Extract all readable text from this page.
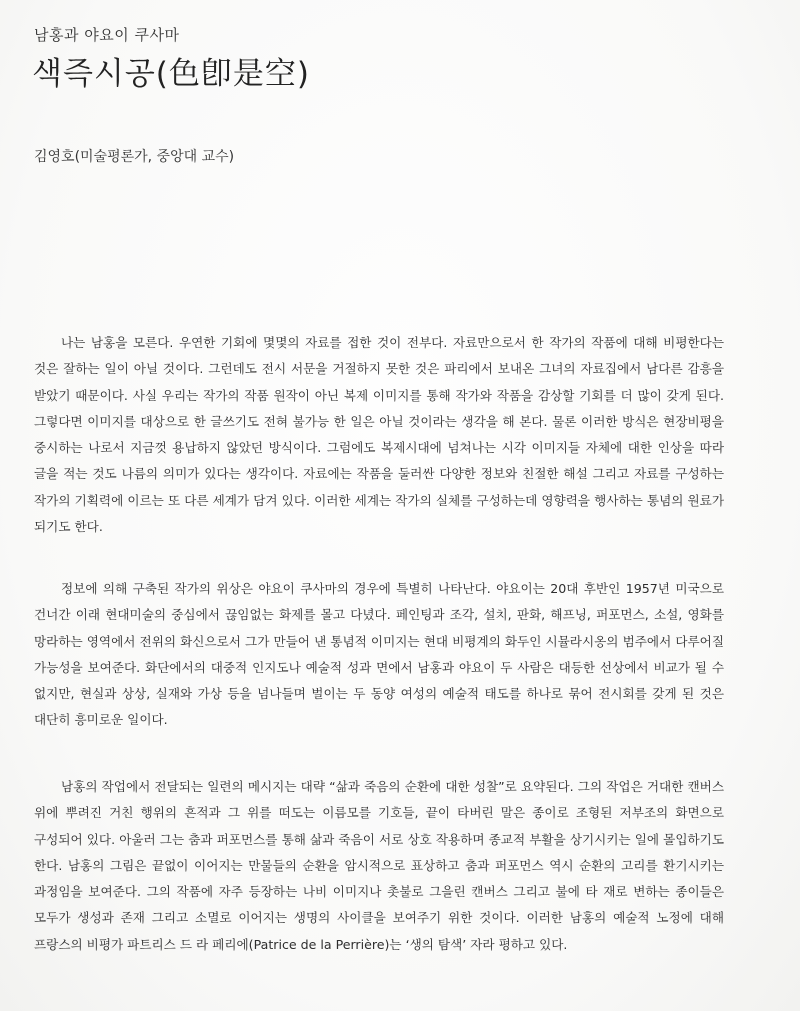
남홍과 야요이 쿠사마
색즉시공(色卽是空)
김영호(미술평론가, 중앙대 교수)

나는 남홍을 모른다. 우연한 기회에 몇몇의 자료를 접한 것이 전부다. 자료만으로서 한 작가의 작품에 대해 비평한다는 것은 잘하는 일이 아닐 것이다. 그런데도 전시 서문을 거절하지 못한 것은 파리에서 보내온 그녀의 자료집에서 남다른 감흥을 받았기 때문이다. 사실 우리는 작가의 작품 원작이 아닌 복제 이미지를 통해 작가와 작품을 감상할 기회를 더 많이 갖게 된다. 그렇다면 이미지를 대상으로 한 글쓰기도 전혀 불가능 한 일은 아닐 것이라는 생각을 해 본다. 물론 이러한 방식은 현장비평을 중시하는 나로서 지금껏 용납하지 않았던 방식이다. 그럼에도 복제시대에 넘쳐나는 시각 이미지들 자체에 대한 인상을 따라 글을 적는 것도 나름의 의미가 있다는 생각이다. 자료에는 작품을 둘러싼 다양한 정보와 친절한 해설 그리고 자료를 구성하는 작가의 기획력에 이르는 또 다른 세계가 담겨 있다. 이러한 세계는 작가의 실체를 구성하는데 영향력을 행사하는 통념의 원료가 되기도 한다.

정보에 의해 구축된 작가의 위상은 야요이 쿠사마의 경우에 특별히 나타난다. 야요이는 20대 후반인 1957년 미국으로 건너간 이래 현대미술의 중심에서 끊임없는 화제를 몰고 다녔다. 페인팅과 조각, 설치, 판화, 해프닝, 퍼포먼스, 소설, 영화를 망라하는 영역에서 전위의 화신으로서 그가 만들어 낸 통념적 이미지는 현대 비평계의 화두인 시뮬라시옹의 범주에서 다루어질 가능성을 보여준다. 화단에서의 대중적 인지도나 예술적 성과 면에서 남홍과 야요이 두 사람은 대등한 선상에서 비교가 될 수 없지만, 현실과 상상, 실재와 가상 등을 넘나들며 벌이는 두 동양 여성의 예술적 태도를 하나로 묶어 전시회를 갖게 된 것은 대단히 흥미로운 일이다.

남홍의 작업에서 전달되는 일련의 메시지는 대략 “삶과 죽음의 순환에 대한 성찰”로 요약된다. 그의 작업은 거대한 캔버스 위에 뿌려진 거친 행위의 흔적과 그 위를 떠도는 이름모를 기호들, 끝이 타버린 말은 종이로 조형된 저부조의 화면으로 구성되어 있다. 아울러 그는 춤과 퍼포먼스를 통해 삶과 죽음이 서로 상호 작용하며 종교적 부활을 상기시키는 일에 몰입하기도 한다. 남홍의 그림은 끝없이 이어지는 만물들의 순환을 암시적으로 표상하고 춤과 퍼포먼스 역시 순환의 고리를 환기시키는 과정임을 보여준다. 그의 작품에 자주 등장하는 나비 이미지나 촛불로 그을린 캔버스 그리고 불에 타 재로 변하는 종이들은 모두가 생성과 존재 그리고 소멸로 이어지는 생명의 사이클을 보여주기 위한 것이다. 이러한 남홍의 예술적 노정에 대해 프랑스의 비평가 파트리스 드 라 페리에(Patrice de la Perrière)는 ‘생의 탐색’ 자라 평하고 있다.
